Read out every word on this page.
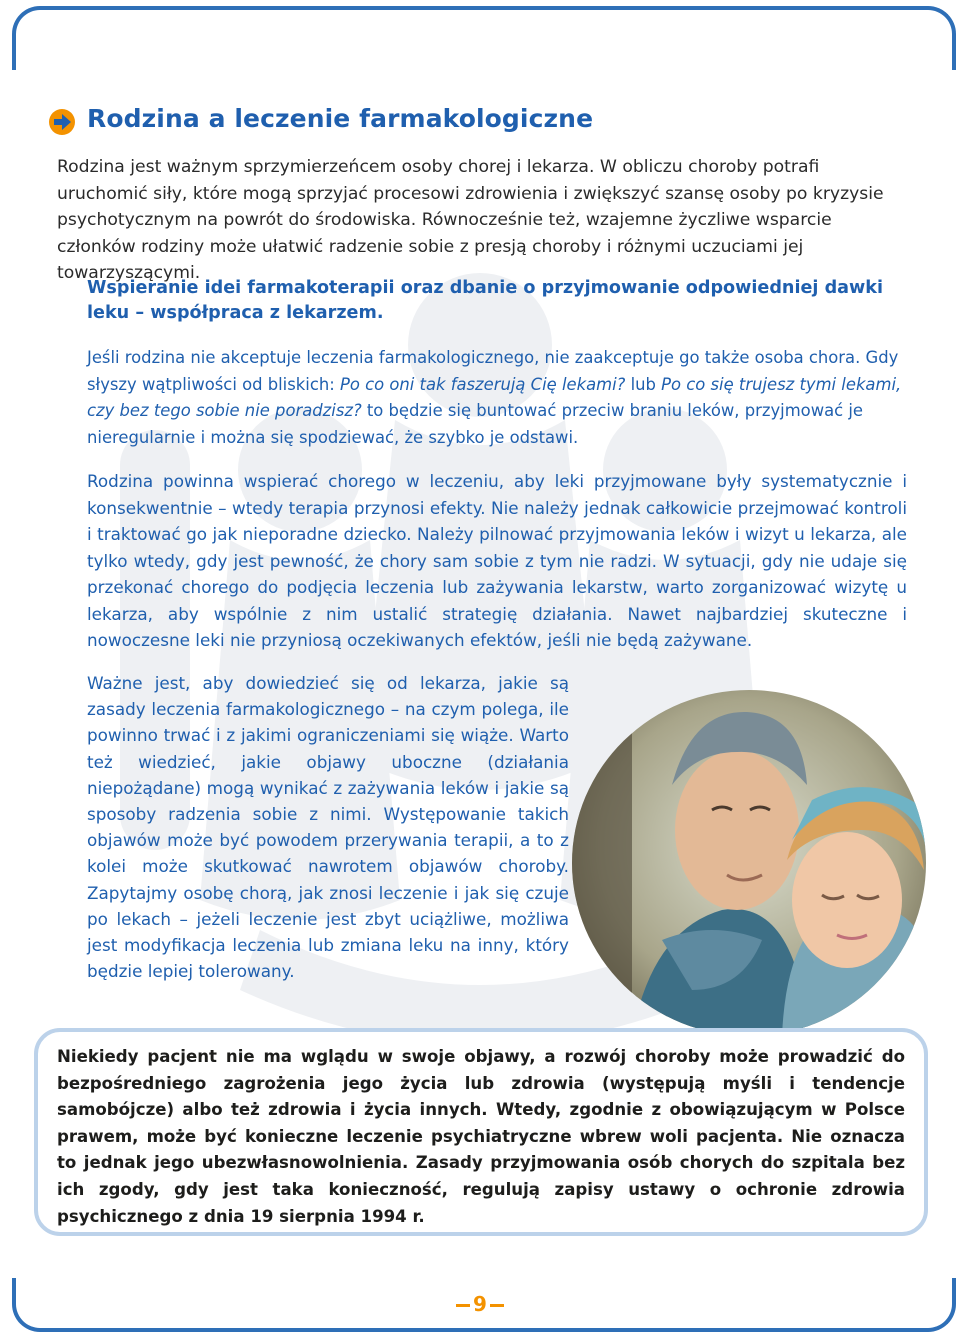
Rodzina a leczenie farmakologiczne

Rodzina jest ważnym sprzymierzeńcem osoby chorej i lekarza. W obliczu choroby potrafi uruchomić siły, które mogą sprzyjać procesowi zdrowienia i zwiększyć szansę osoby po kryzysie psychotycznym na powrót do środowiska. Równocześnie też, wzajemne życzliwe wsparcie członków rodziny może ułatwić radzenie sobie z presją choroby i różnymi uczuciami jej towarzyszącymi.

Wspieranie idei farmakoterapii oraz dbanie o przyjmowanie odpowiedniej dawki leku – współpraca z lekarzem.

Jeśli rodzina nie akceptuje leczenia farmakologicznego, nie zaakceptuje go także osoba chora. Gdy słyszy wątpliwości od bliskich: Po co oni tak faszerują Cię lekami? lub Po co się trujesz tymi lekami, czy bez tego sobie nie poradzisz? to będzie się buntować przeciw braniu leków, przyjmować je nieregularnie i można się spodziewać, że szybko je odstawi.

Rodzina powinna wspierać chorego w leczeniu, aby leki przyjmowane były systematycznie i konsekwentnie – wtedy terapia przynosi efekty. Nie należy jednak całkowicie przejmować kontroli i traktować go jak nieporadne dziecko. Należy pilnować przyjmowania leków i wizyt u lekarza, ale tylko wtedy, gdy jest pewność, że chory sam sobie z tym nie radzi. W sytuacji, gdy nie udaje się przekonać chorego do podjęcia leczenia lub zażywania lekarstw, warto zorganizować wizytę u lekarza, aby wspólnie z nim ustalić strategię działania. Nawet najbardziej skuteczne i nowoczesne leki nie przyniosą oczekiwanych efektów, jeśli nie będą zażywane.

Ważne jest, aby dowiedzieć się od lekarza, jakie są zasady leczenia farmakologicznego – na czym polega, ile powinno trwać i z jakimi ograniczeniami się wiąże. Warto też wiedzieć, jakie objawy uboczne (działania niepożądane) mogą wynikać z zażywania leków i jakie są sposoby radzenia sobie z nimi. Występowanie takich objawów może być powodem przerywania terapii, a to z kolei może skutkować nawrotem objawów choroby. Zapytajmy osobę chorą, jak znosi leczenie i jak się czuje po lekach – jeżeli leczenie jest zbyt uciążliwe, możliwa jest modyfikacja leczenia lub zmiana leku na inny, który będzie lepiej tolerowany.

Niekiedy pacjent nie ma wglądu w swoje objawy, a rozwój choroby może prowadzić do bezpośredniego zagrożenia jego życia lub zdrowia (występują myśli i tendencje samobójcze) albo też zdrowia i życia innych. Wtedy, zgodnie z obowiązującym w Polsce prawem, może być konieczne leczenie psychiatryczne wbrew woli pacjenta. Nie oznacza to jednak jego ubezwłasnowolnienia. Zasady przyjmowania osób chorych do szpitala bez ich zgody, gdy jest taka konieczność, regulują zapisy ustawy o ochronie zdrowia psychicznego z dnia 19 sierpnia 1994 r.

9
